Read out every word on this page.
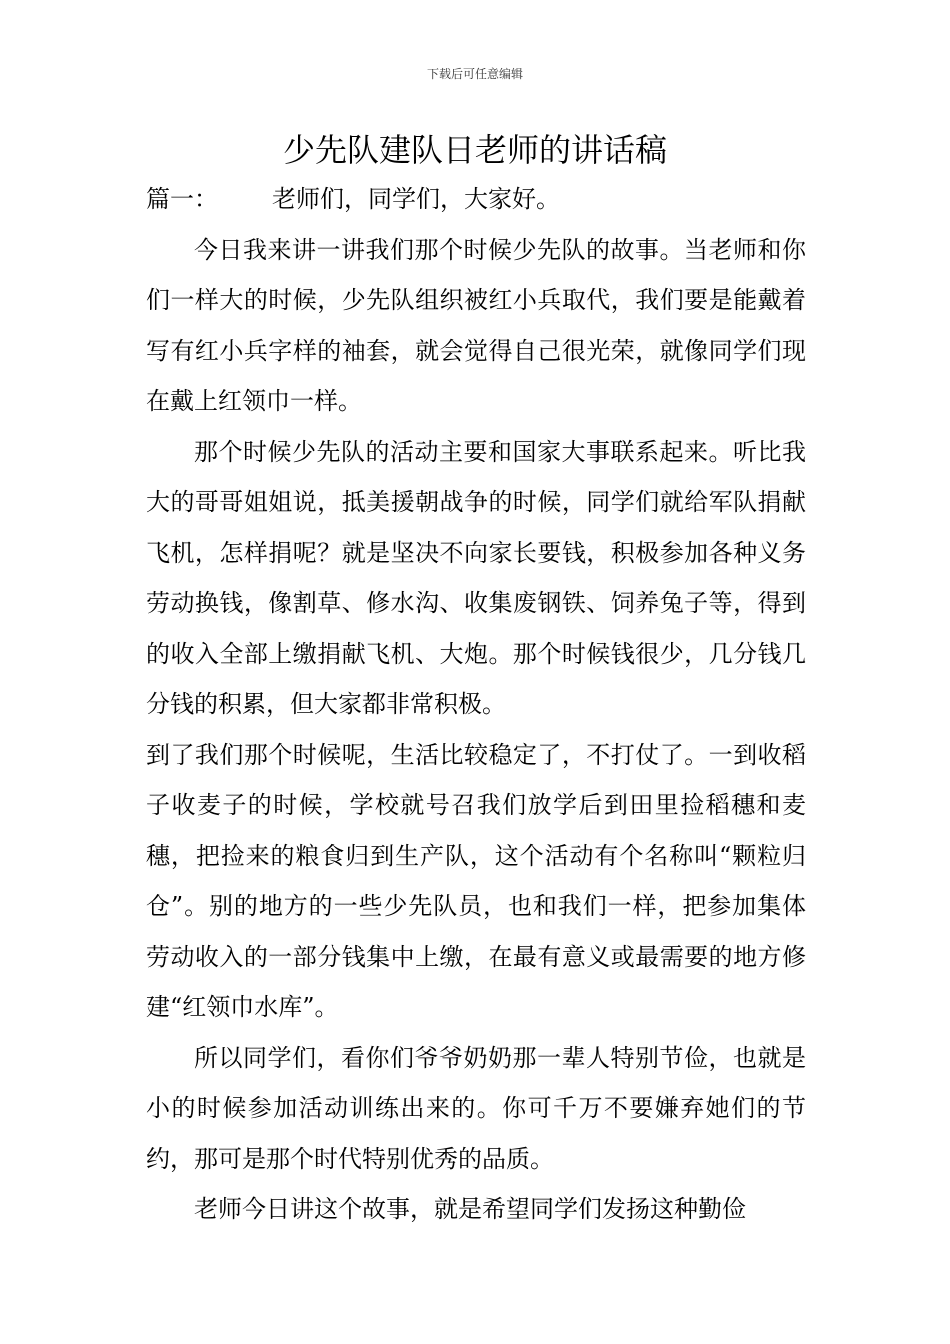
下载后可任意编辑
少先队建队日老师的讲话稿

篇一： 老师们，同学们，大家好。

今日我来讲一讲我们那个时候少先队的故事。当老师和你们一样大的时候，少先队组织被红小兵取代，我们要是能戴着写有红小兵字样的袖套，就会觉得自己很光荣，就像同学们现在戴上红领巾一样。

那个时候少先队的活动主要和国家大事联系起来。听比我大的哥哥姐姐说，抵美援朝战争的时候，同学们就给军队捐献飞机，怎样捐呢？就是坚决不向家长要钱，积极参加各种义务劳动换钱，像割草、修水沟、收集废钢铁、饲养兔子等，得到的收入全部上缴捐献飞机、大炮。那个时候钱很少，几分钱几分钱的积累，但大家都非常积极。

到了我们那个时候呢，生活比较稳定了，不打仗了。一到收稻子收麦子的时候，学校就号召我们放学后到田里捡稻穗和麦穗，把捡来的粮食归到生产队，这个活动有个名称叫“颗粒归仓”。别的地方的一些少先队员，也和我们一样，把参加集体劳动收入的一部分钱集中上缴，在最有意义或最需要的地方修建“红领巾水库”。

所以同学们，看你们爷爷奶奶那一辈人特别节俭，也就是小的时候参加活动训练出来的。你可千万不要嫌弃她们的节约，那可是那个时代特别优秀的品质。

老师今日讲这个故事，就是希望同学们发扬这种勤俭
